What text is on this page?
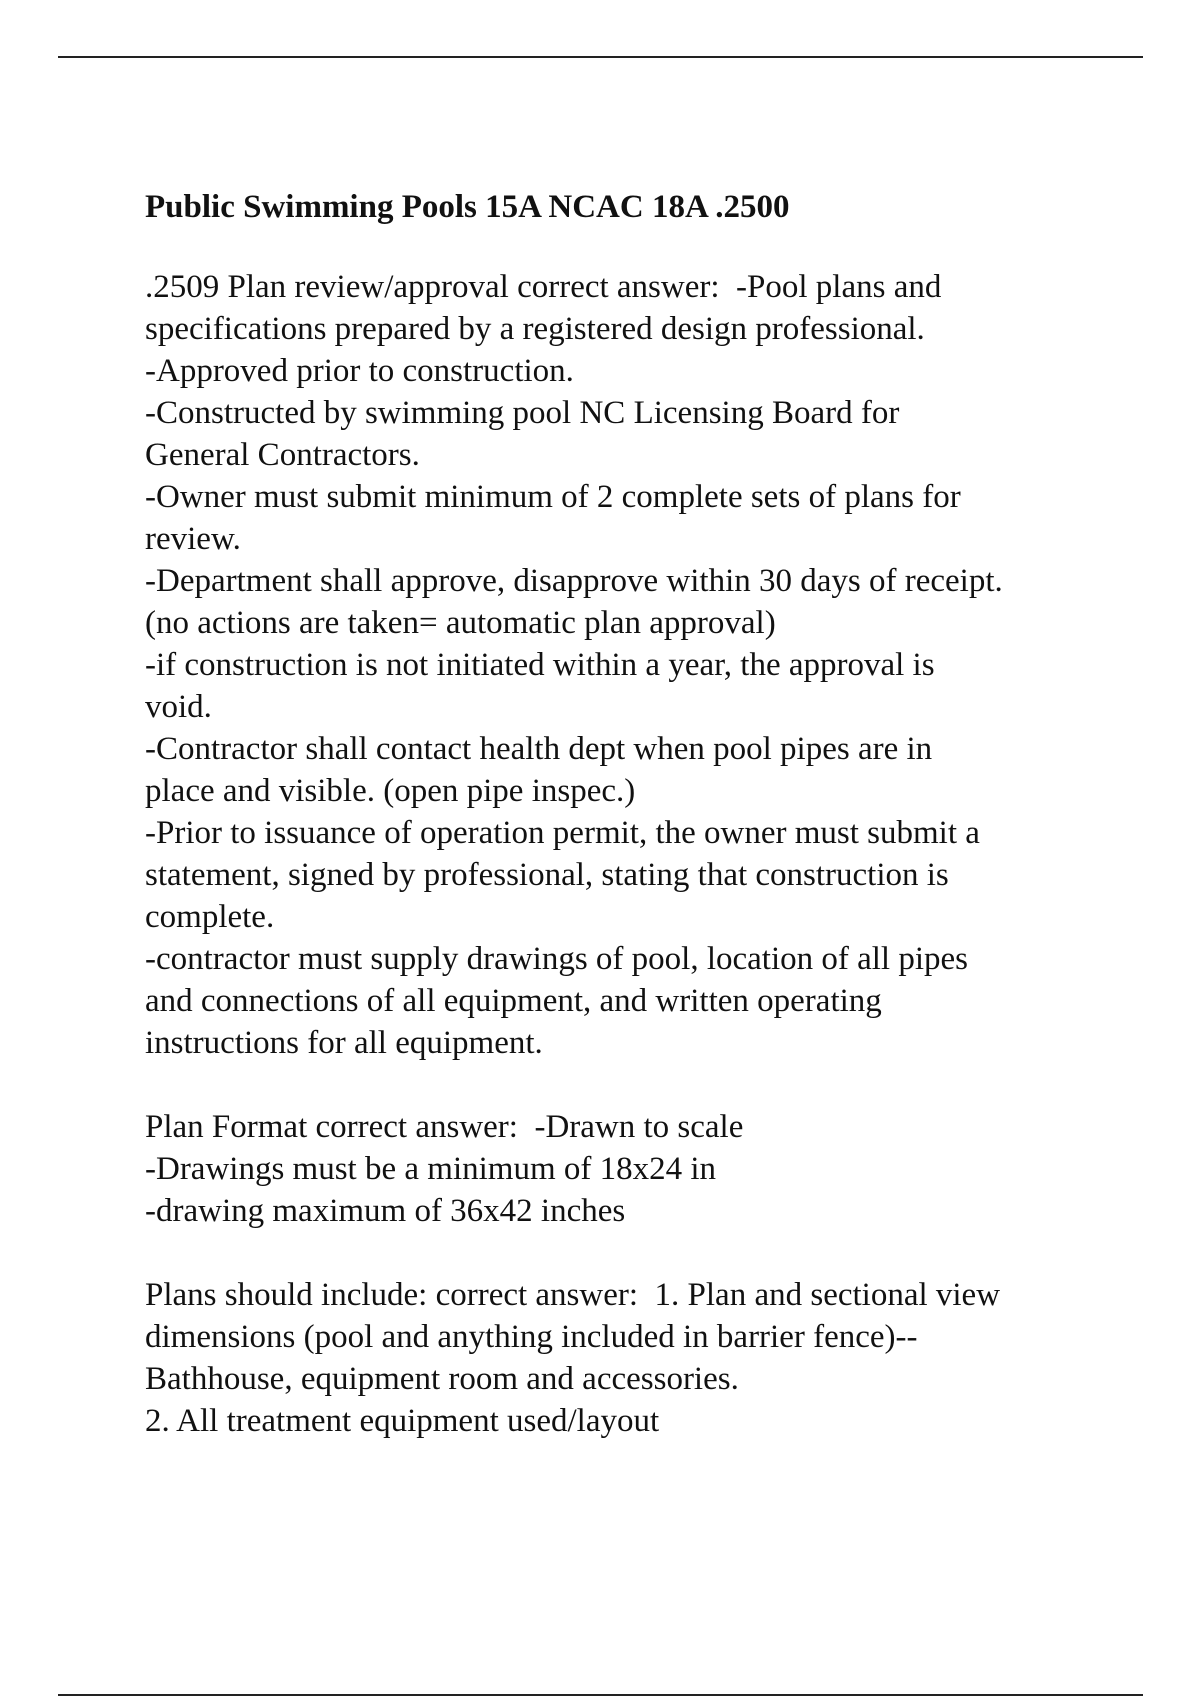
Public Swimming Pools 15A NCAC 18A .2500
.2509 Plan review/approval correct answer:  -Pool plans and
specifications prepared by a registered design professional.
-Approved prior to construction.
-Constructed by swimming pool NC Licensing Board for
General Contractors.
-Owner must submit minimum of 2 complete sets of plans for
review.
-Department shall approve, disapprove within 30 days of receipt.
(no actions are taken= automatic plan approval)
-if construction is not initiated within a year, the approval is
void.
-Contractor shall contact health dept when pool pipes are in
place and visible. (open pipe inspec.)
-Prior to issuance of operation permit, the owner must submit a
statement, signed by professional, stating that construction is
complete.
-contractor must supply drawings of pool, location of all pipes
and connections of all equipment, and written operating
instructions for all equipment.
Plan Format correct answer:  -Drawn to scale
-Drawings must be a minimum of 18x24 in
-drawing maximum of 36x42 inches
Plans should include: correct answer:  1. Plan and sectional view
dimensions (pool and anything included in barrier fence)--
Bathhouse, equipment room and accessories.
2. All treatment equipment used/layout
